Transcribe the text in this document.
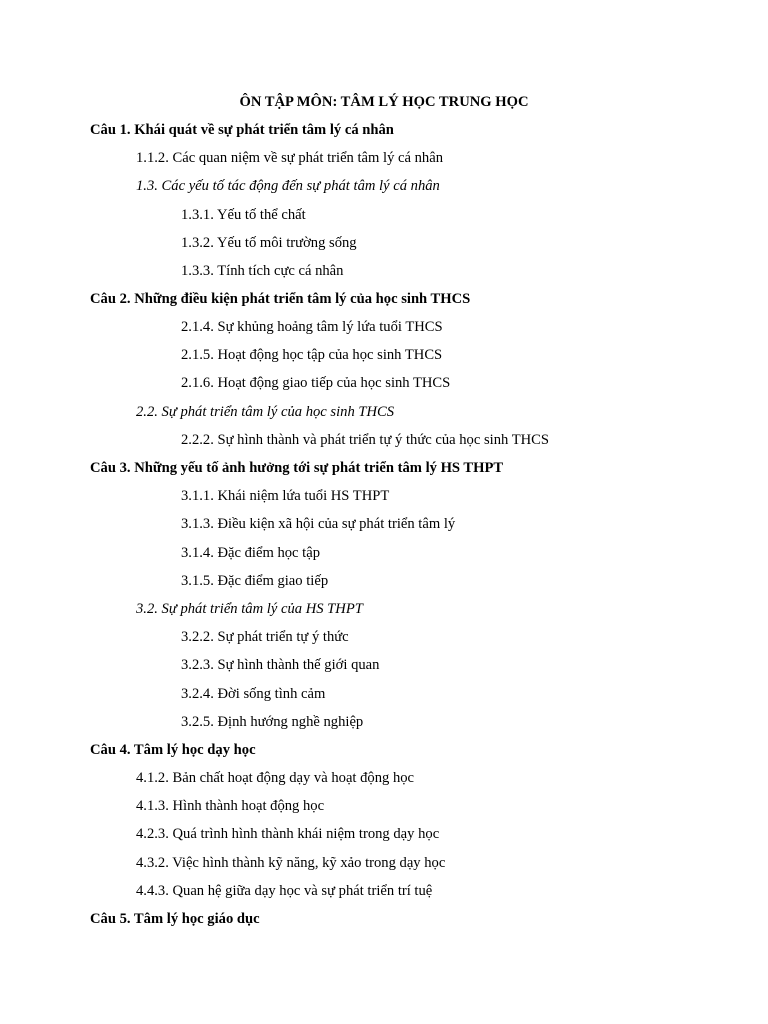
ÔN TẬP MÔN: TÂM LÝ HỌC TRUNG HỌC
Câu 1. Khái quát về sự phát triển tâm lý cá nhân
1.1.2. Các quan niệm về sự phát triển tâm lý cá nhân
1.3. Các yếu tố tác động đến sự phát tâm lý cá nhân
1.3.1. Yếu tố thể chất
1.3.2. Yếu tố môi trường sống
1.3.3. Tính tích cực cá nhân
Câu 2. Những điều kiện phát triển tâm lý của học sinh THCS
2.1.4. Sự khủng hoảng tâm lý lứa tuổi THCS
2.1.5. Hoạt động học tập của học sinh THCS
2.1.6. Hoạt động giao tiếp của học sinh THCS
2.2. Sự phát triển tâm lý của học sinh THCS
2.2.2. Sự hình thành và phát triển tự ý thức của học sinh THCS
Câu 3. Những yếu tố ảnh hưởng tới sự phát triển tâm lý HS THPT
3.1.1. Khái niệm lứa tuổi HS THPT
3.1.3. Điều kiện xã hội của sự phát triển tâm lý
3.1.4. Đặc điểm học tập
3.1.5. Đặc điểm giao tiếp
3.2. Sự phát triển tâm lý của HS THPT
3.2.2. Sự phát triển tự ý thức
3.2.3. Sự hình thành thế giới quan
3.2.4. Đời sống tình cảm
3.2.5. Định hướng nghề nghiệp
Câu 4. Tâm lý học dạy học
4.1.2. Bản chất hoạt động dạy và hoạt động học
4.1.3. Hình thành hoạt động học
4.2.3. Quá trình hình thành khái niệm trong dạy học
4.3.2. Việc hình thành kỹ năng, kỹ xảo trong dạy học
4.4.3. Quan hệ giữa dạy học và sự phát triển trí tuệ
Câu 5. Tâm lý học giáo dục
